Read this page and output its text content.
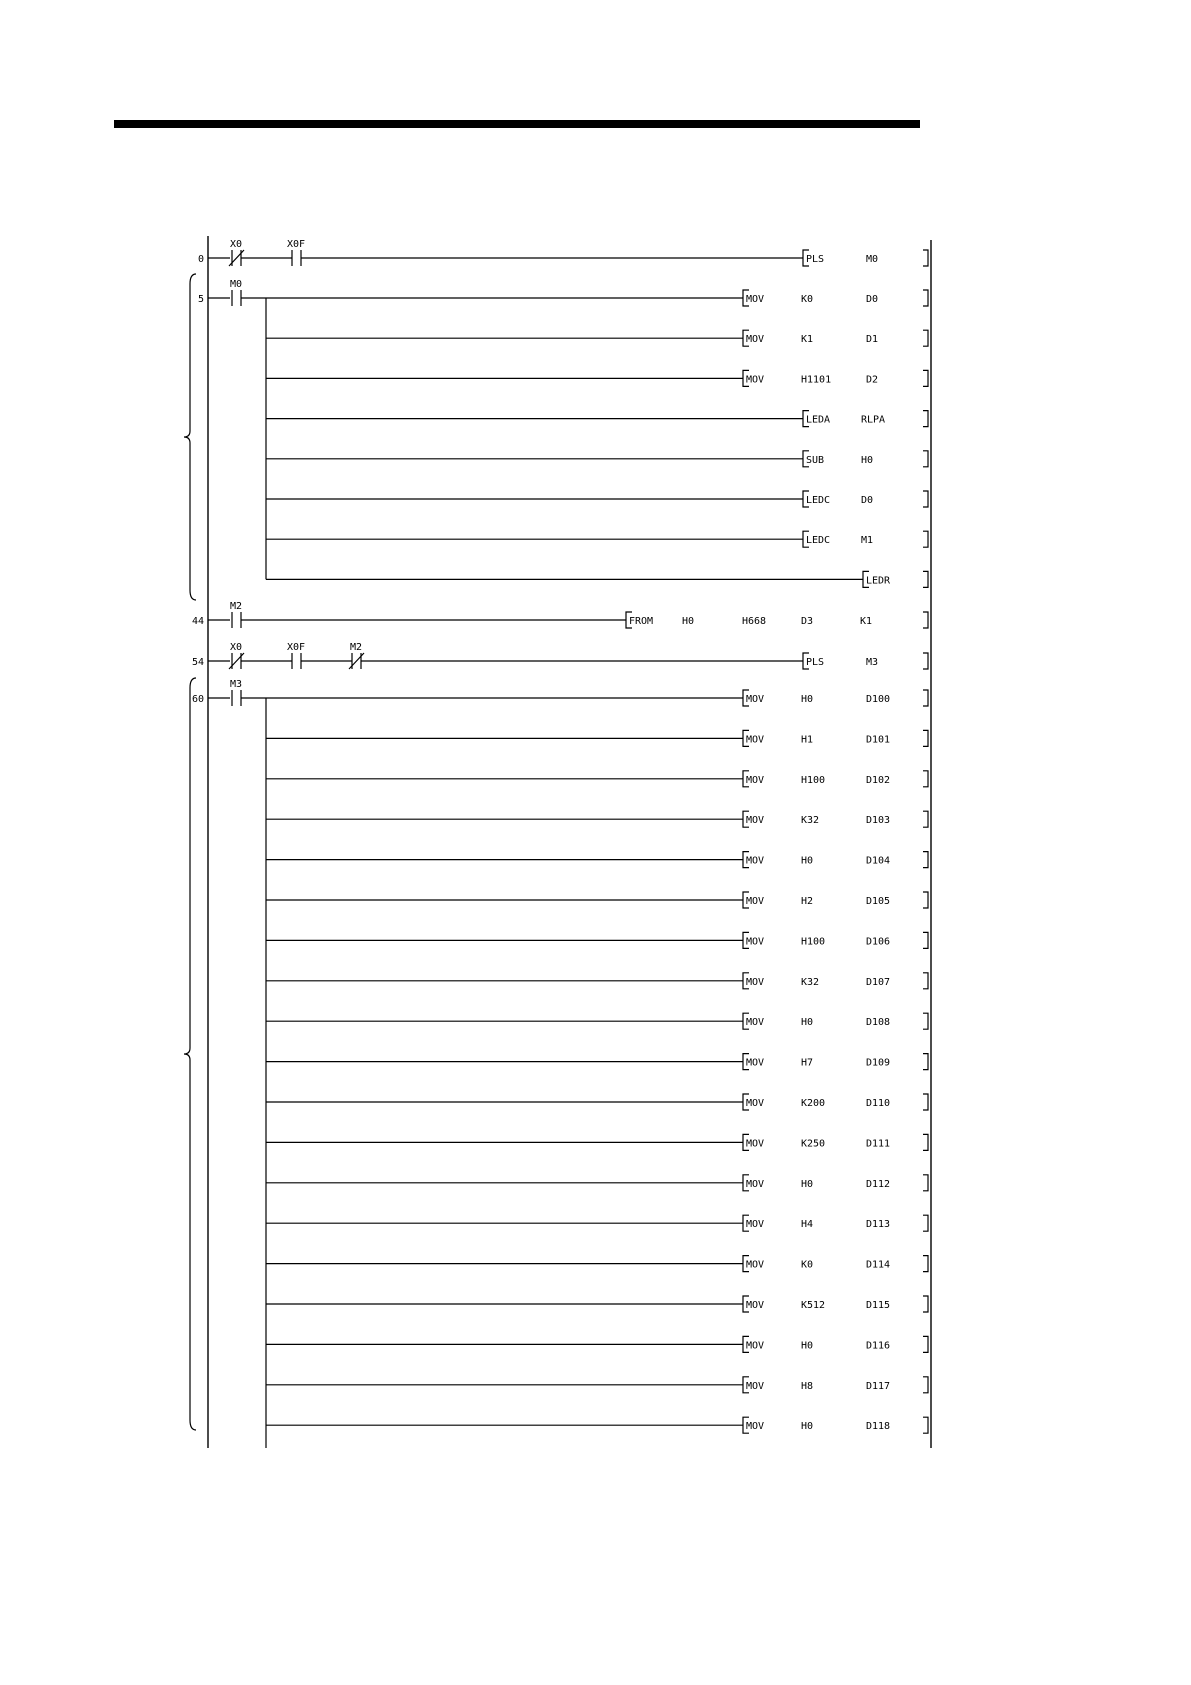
0
X0	X0F
PLS	M0
5
M0
MOV	K0	D0
MOV	K1	D1
MOV	H1101	D2
LEDA	RLPA
SUB	H0
LEDC	D0
LEDC	M1
LEDR
44
M2
FROM	H0	H668	D3	K1
54
X0	X0F	M2
PLS	M3
60
M3
MOV	H0	D100
MOV	H1	D101
MOV	H100	D102
MOV	K32	D103
MOV	H0	D104
MOV	H2	D105
MOV	H100	D106
MOV	K32	D107
MOV	H0	D108
MOV	H7	D109
MOV	K200	D110
MOV	K250	D111
MOV	H0	D112
MOV	H4	D113
MOV	K0	D114
MOV	K512	D115
MOV	H0	D116
MOV	H8	D117
MOV	H0	D118
